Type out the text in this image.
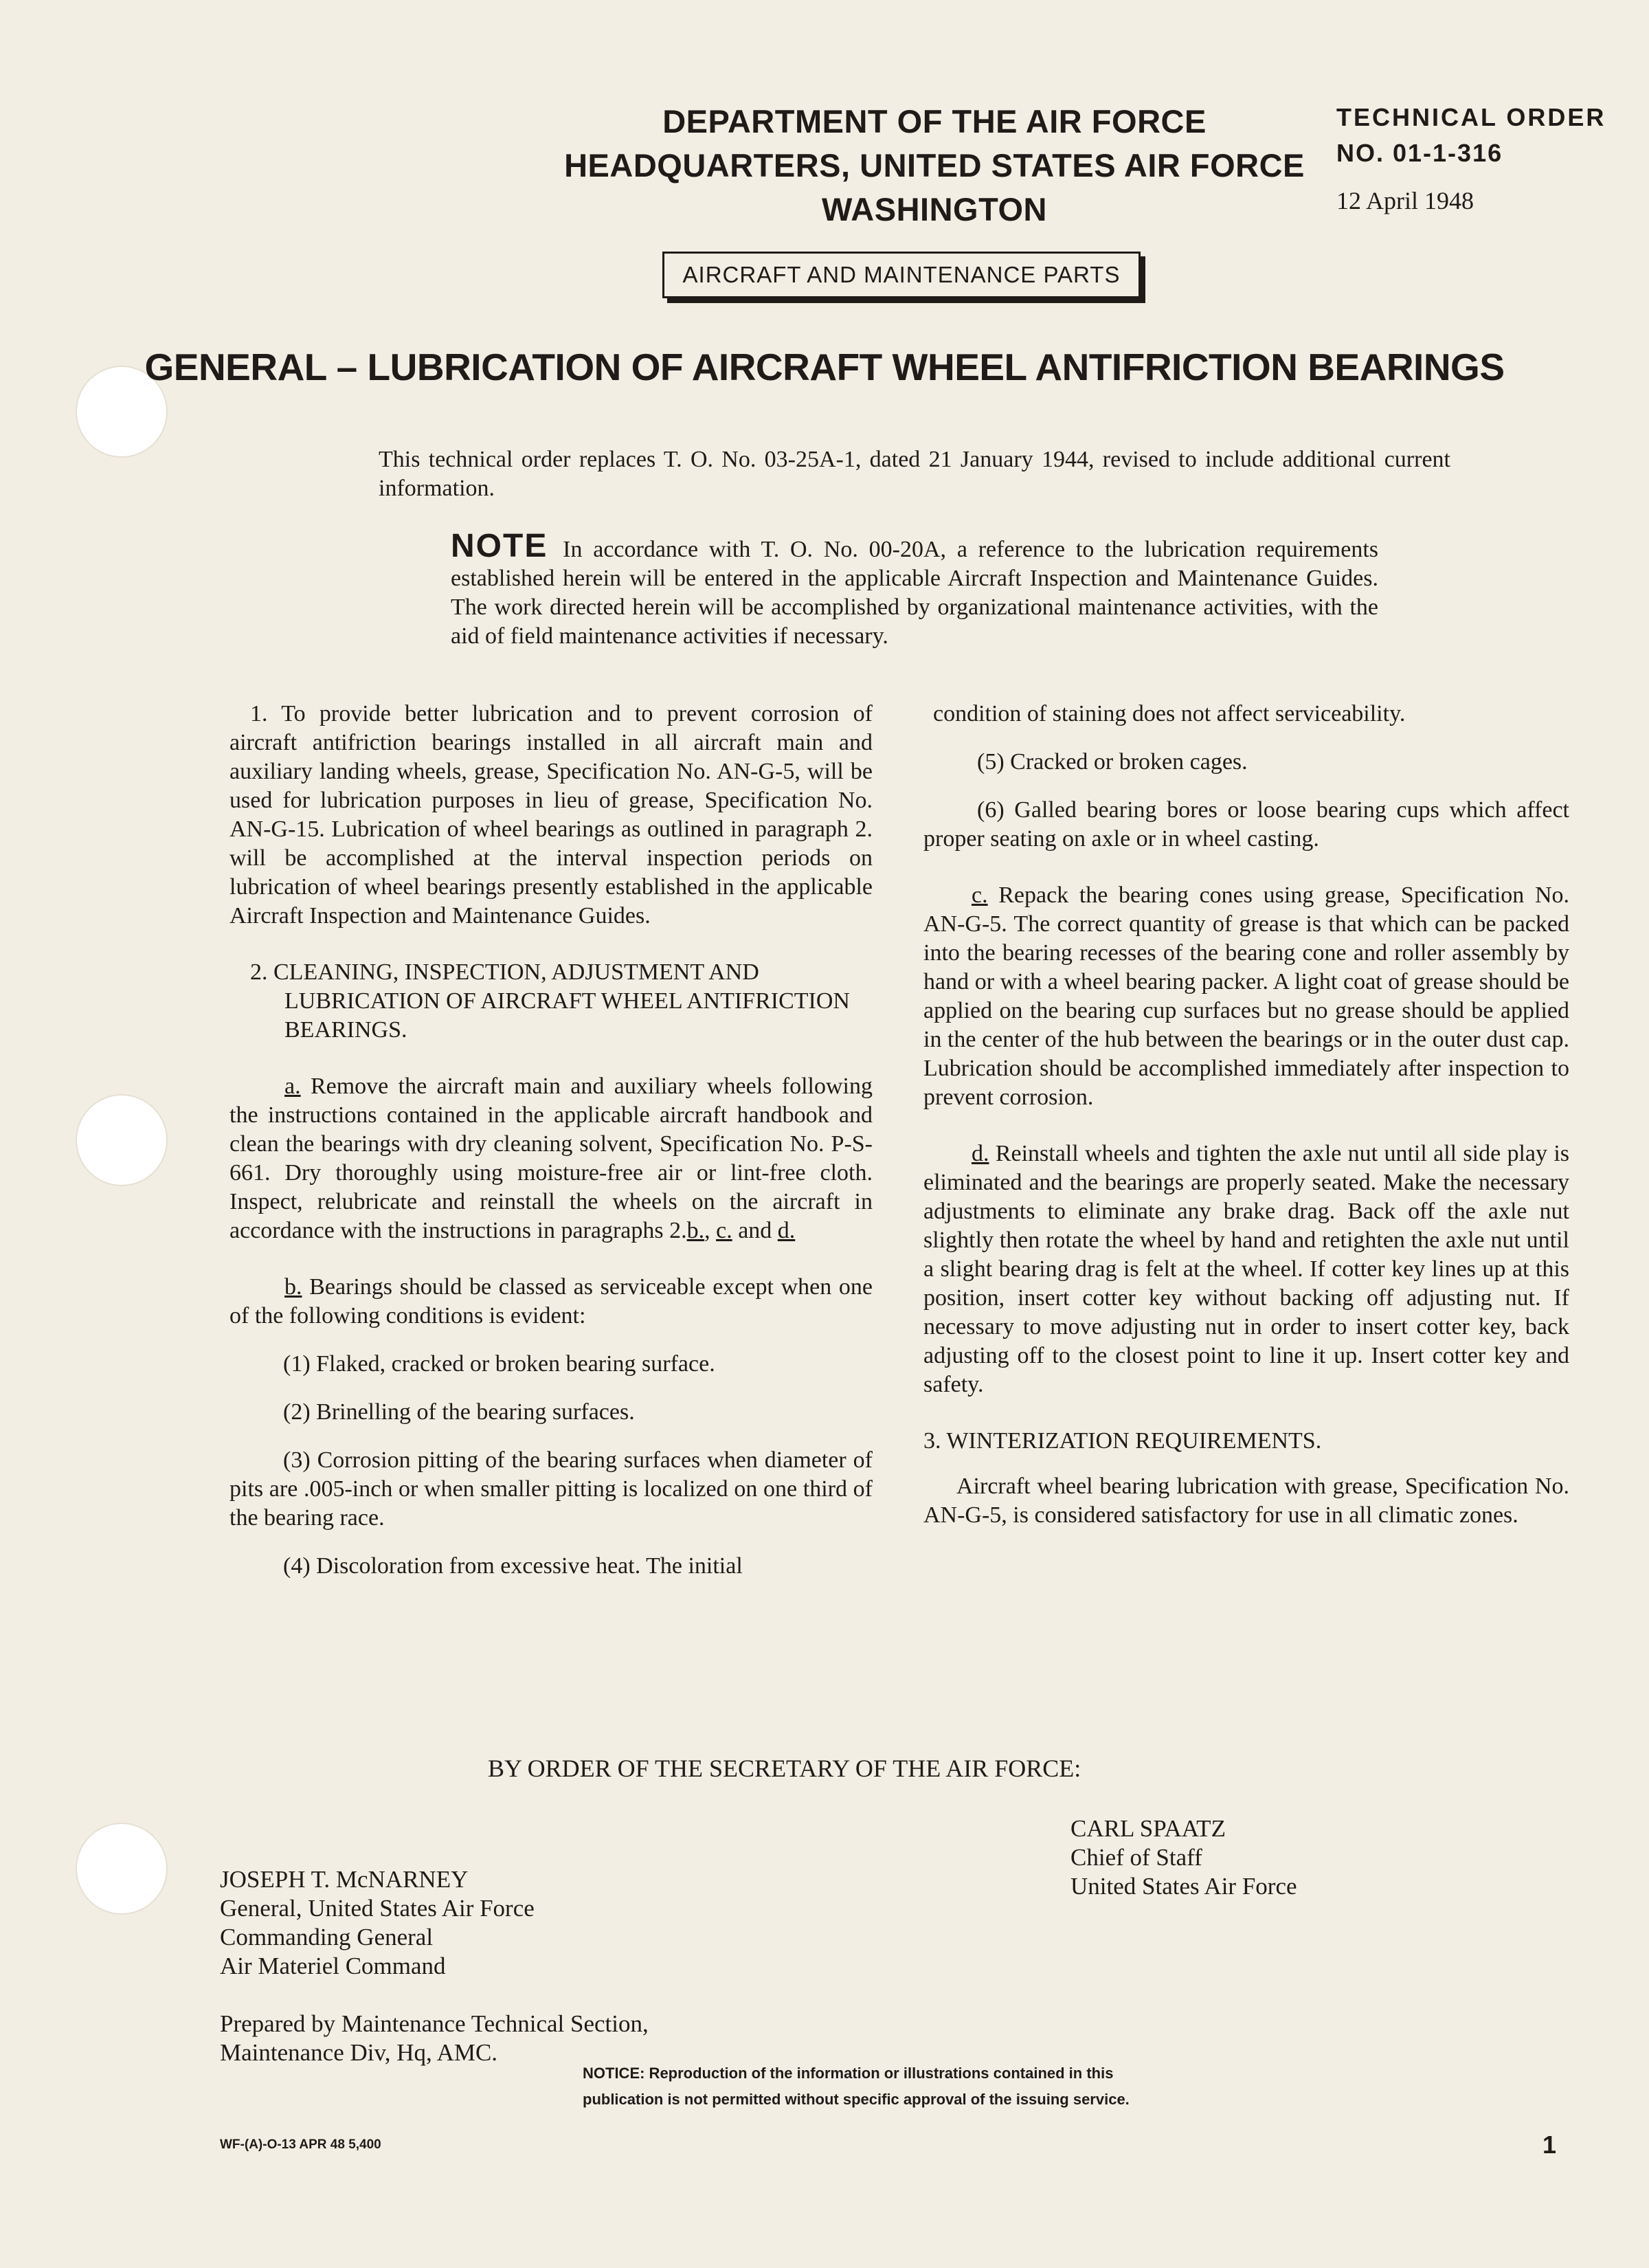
DEPARTMENT OF THE AIR FORCE
HEADQUARTERS, UNITED STATES AIR FORCE
WASHINGTON
TECHNICAL ORDER
NO. 01-1-316
12 April 1948
AIRCRAFT AND MAINTENANCE PARTS
GENERAL – LUBRICATION OF AIRCRAFT WHEEL ANTIFRICTION BEARINGS

This technical order replaces T. O. No. 03-25A-1, dated 21 January 1944, revised to include additional current information.

NOTE In accordance with T. O. No. 00-20A, a reference to the lubrication requirements established herein will be entered in the applicable Aircraft Inspection and Maintenance Guides. The work directed herein will be accomplished by organizational maintenance activities, with the aid of field maintenance activities if necessary.

1. To provide better lubrication and to prevent corrosion of aircraft antifriction bearings installed in all aircraft main and auxiliary landing wheels, grease, Specification No. AN-G-5, will be used for lubrication purposes in lieu of grease, Specification No. AN-G-15. Lubrication of wheel bearings as outlined in paragraph 2. will be accomplished at the interval inspection periods on lubrication of wheel bearings presently established in the applicable Aircraft Inspection and Maintenance Guides.

2. CLEANING, INSPECTION, ADJUSTMENT AND LUBRICATION OF AIRCRAFT WHEEL ANTIFRICTION BEARINGS.

a. Remove the aircraft main and auxiliary wheels following the instructions contained in the applicable aircraft handbook and clean the bearings with dry cleaning solvent, Specification No. P-S-661. Dry thoroughly using moisture-free air or lint-free cloth. Inspect, relubricate and reinstall the wheels on the aircraft in accordance with the instructions in paragraphs 2.b., c. and d.

b. Bearings should be classed as serviceable except when one of the following conditions is evident:

(1) Flaked, cracked or broken bearing surface.

(2) Brinelling of the bearing surfaces.

(3) Corrosion pitting of the bearing surfaces when diameter of pits are .005-inch or when smaller pitting is localized on one third of the bearing race.

(4) Discoloration from excessive heat. The initial

condition of staining does not affect serviceability.

(5) Cracked or broken cages.

(6) Galled bearing bores or loose bearing cups which affect proper seating on axle or in wheel casting.

c. Repack the bearing cones using grease, Specification No. AN-G-5. The correct quantity of grease is that which can be packed into the bearing recesses of the bearing cone and roller assembly by hand or with a wheel bearing packer. A light coat of grease should be applied on the bearing cup surfaces but no grease should be applied in the center of the hub between the bearings or in the outer dust cap. Lubrication should be accomplished immediately after inspection to prevent corrosion.

d. Reinstall wheels and tighten the axle nut until all side play is eliminated and the bearings are properly seated. Make the necessary adjustments to eliminate any brake drag. Back off the axle nut slightly then rotate the wheel by hand and retighten the axle nut until a slight bearing drag is felt at the wheel. If cotter key lines up at this position, insert cotter key without backing off adjusting nut. If necessary to move adjusting nut in order to insert cotter key, back adjusting off to the closest point to line it up. Insert cotter key and safety.

3. WINTERIZATION REQUIREMENTS.

Aircraft wheel bearing lubrication with grease, Specification No. AN-G-5, is considered satisfactory for use in all climatic zones.

BY ORDER OF THE SECRETARY OF THE AIR FORCE:
CARL SPAATZ
Chief of Staff
United States Air Force
JOSEPH T. McNARNEY
General, United States Air Force
Commanding General
Air Materiel Command
Prepared by Maintenance Technical Section,
Maintenance Div, Hq, AMC.
NOTICE: Reproduction of the information or illustrations contained in this
publication is not permitted without specific approval of the issuing service.
WF-(A)-O-13 APR 48 5,400	1
